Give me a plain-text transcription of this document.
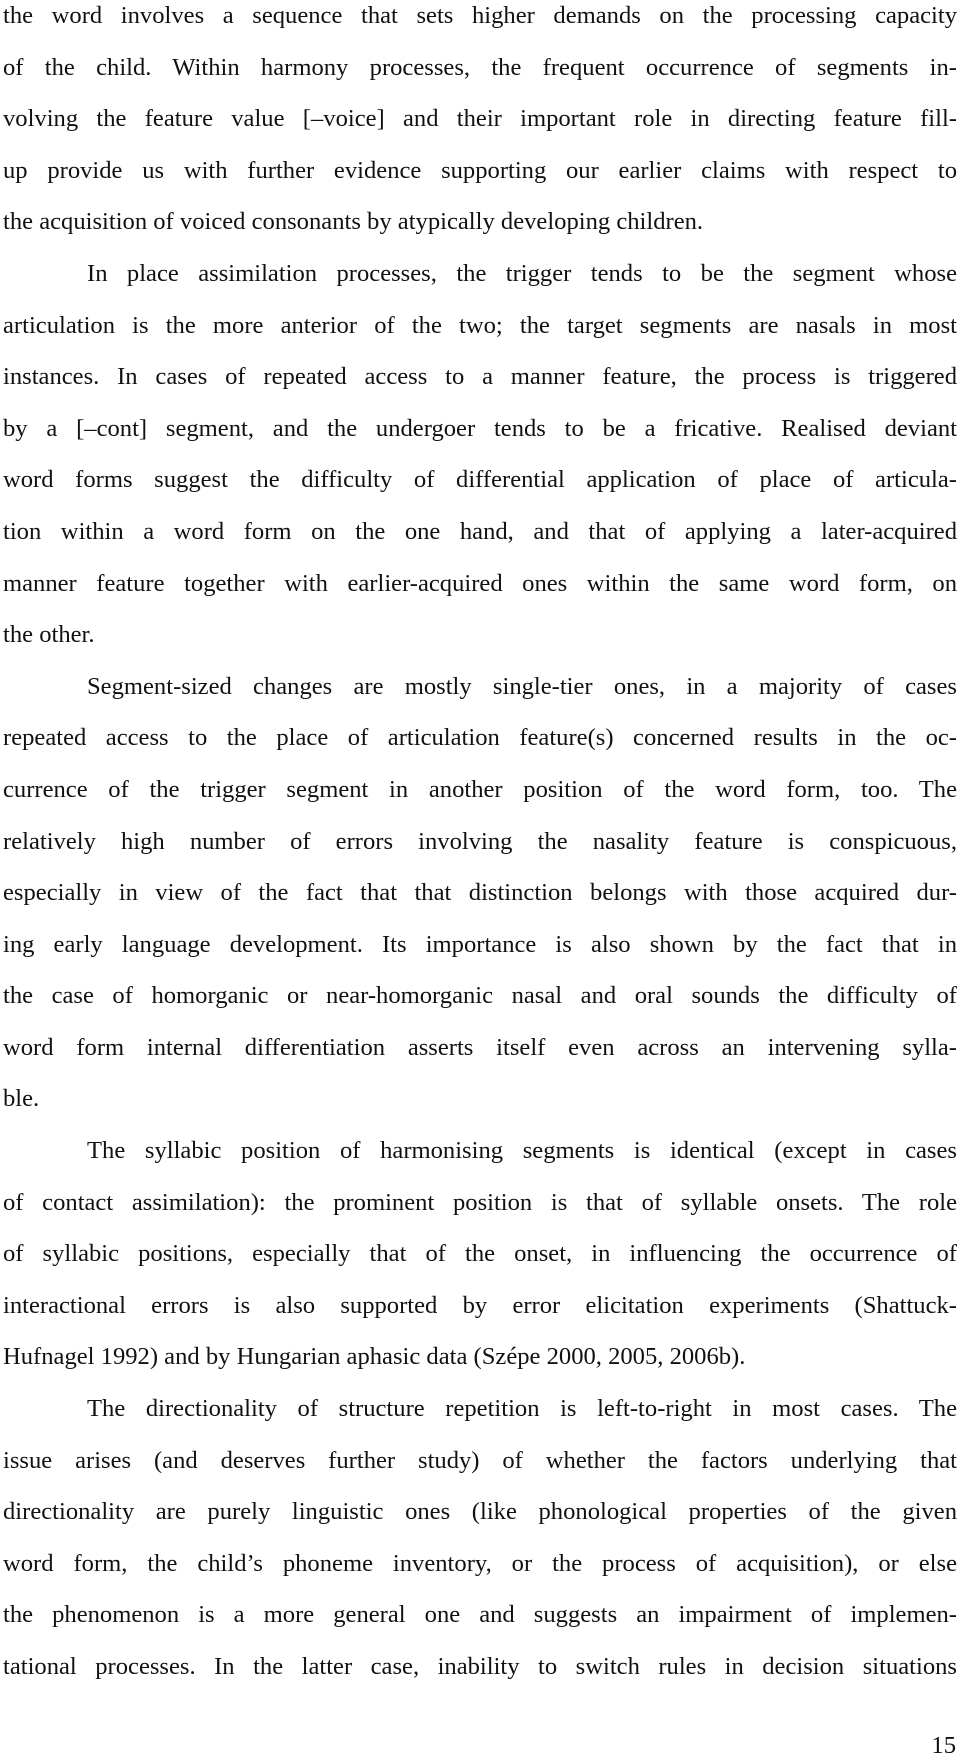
the word involves a sequence that sets higher demands on the processing capacity
of the child. Within harmony processes, the frequent occurrence of segments in-
volving the feature value [–voice] and their important role in directing feature fill-
up provide us with further evidence supporting our earlier claims with respect to
the acquisition of voiced consonants by atypically developing children.
In place assimilation processes, the trigger tends to be the segment whose
articulation is the more anterior of the two; the target segments are nasals in most
instances. In cases of repeated access to a manner feature, the process is triggered
by a [–cont] segment, and the undergoer tends to be a fricative. Realised deviant
word forms suggest the difficulty of differential application of place of articula-
tion within a word form on the one hand, and that of applying a later-acquired
manner feature together with earlier-acquired ones within the same word form, on
the other.
Segment-sized changes are mostly single-tier ones, in a majority of cases
repeated access to the place of articulation feature(s) concerned results in the oc-
currence of the trigger segment in another position of the word form, too. The
relatively high number of errors involving the nasality feature is conspicuous,
especially in view of the fact that that distinction belongs with those acquired dur-
ing early language development. Its importance is also shown by the fact that in
the case of homorganic or near-homorganic nasal and oral sounds the difficulty of
word form internal differentiation asserts itself even across an intervening sylla-
ble.
The syllabic position of harmonising segments is identical (except in cases
of contact assimilation): the prominent position is that of syllable onsets. The role
of syllabic positions, especially that of the onset, in influencing the occurrence of
interactional errors is also supported by error elicitation experiments (Shattuck-
Hufnagel 1992) and by Hungarian aphasic data (Szépe 2000, 2005, 2006b).
The directionality of structure repetition is left-to-right in most cases. The
issue arises (and deserves further study) of whether the factors underlying that
directionality are purely linguistic ones (like phonological properties of the given
word form, the child’s phoneme inventory, or the process of acquisition), or else
the phenomenon is a more general one and suggests an impairment of implemen-
tational processes. In the latter case, inability to switch rules in decision situations
15
